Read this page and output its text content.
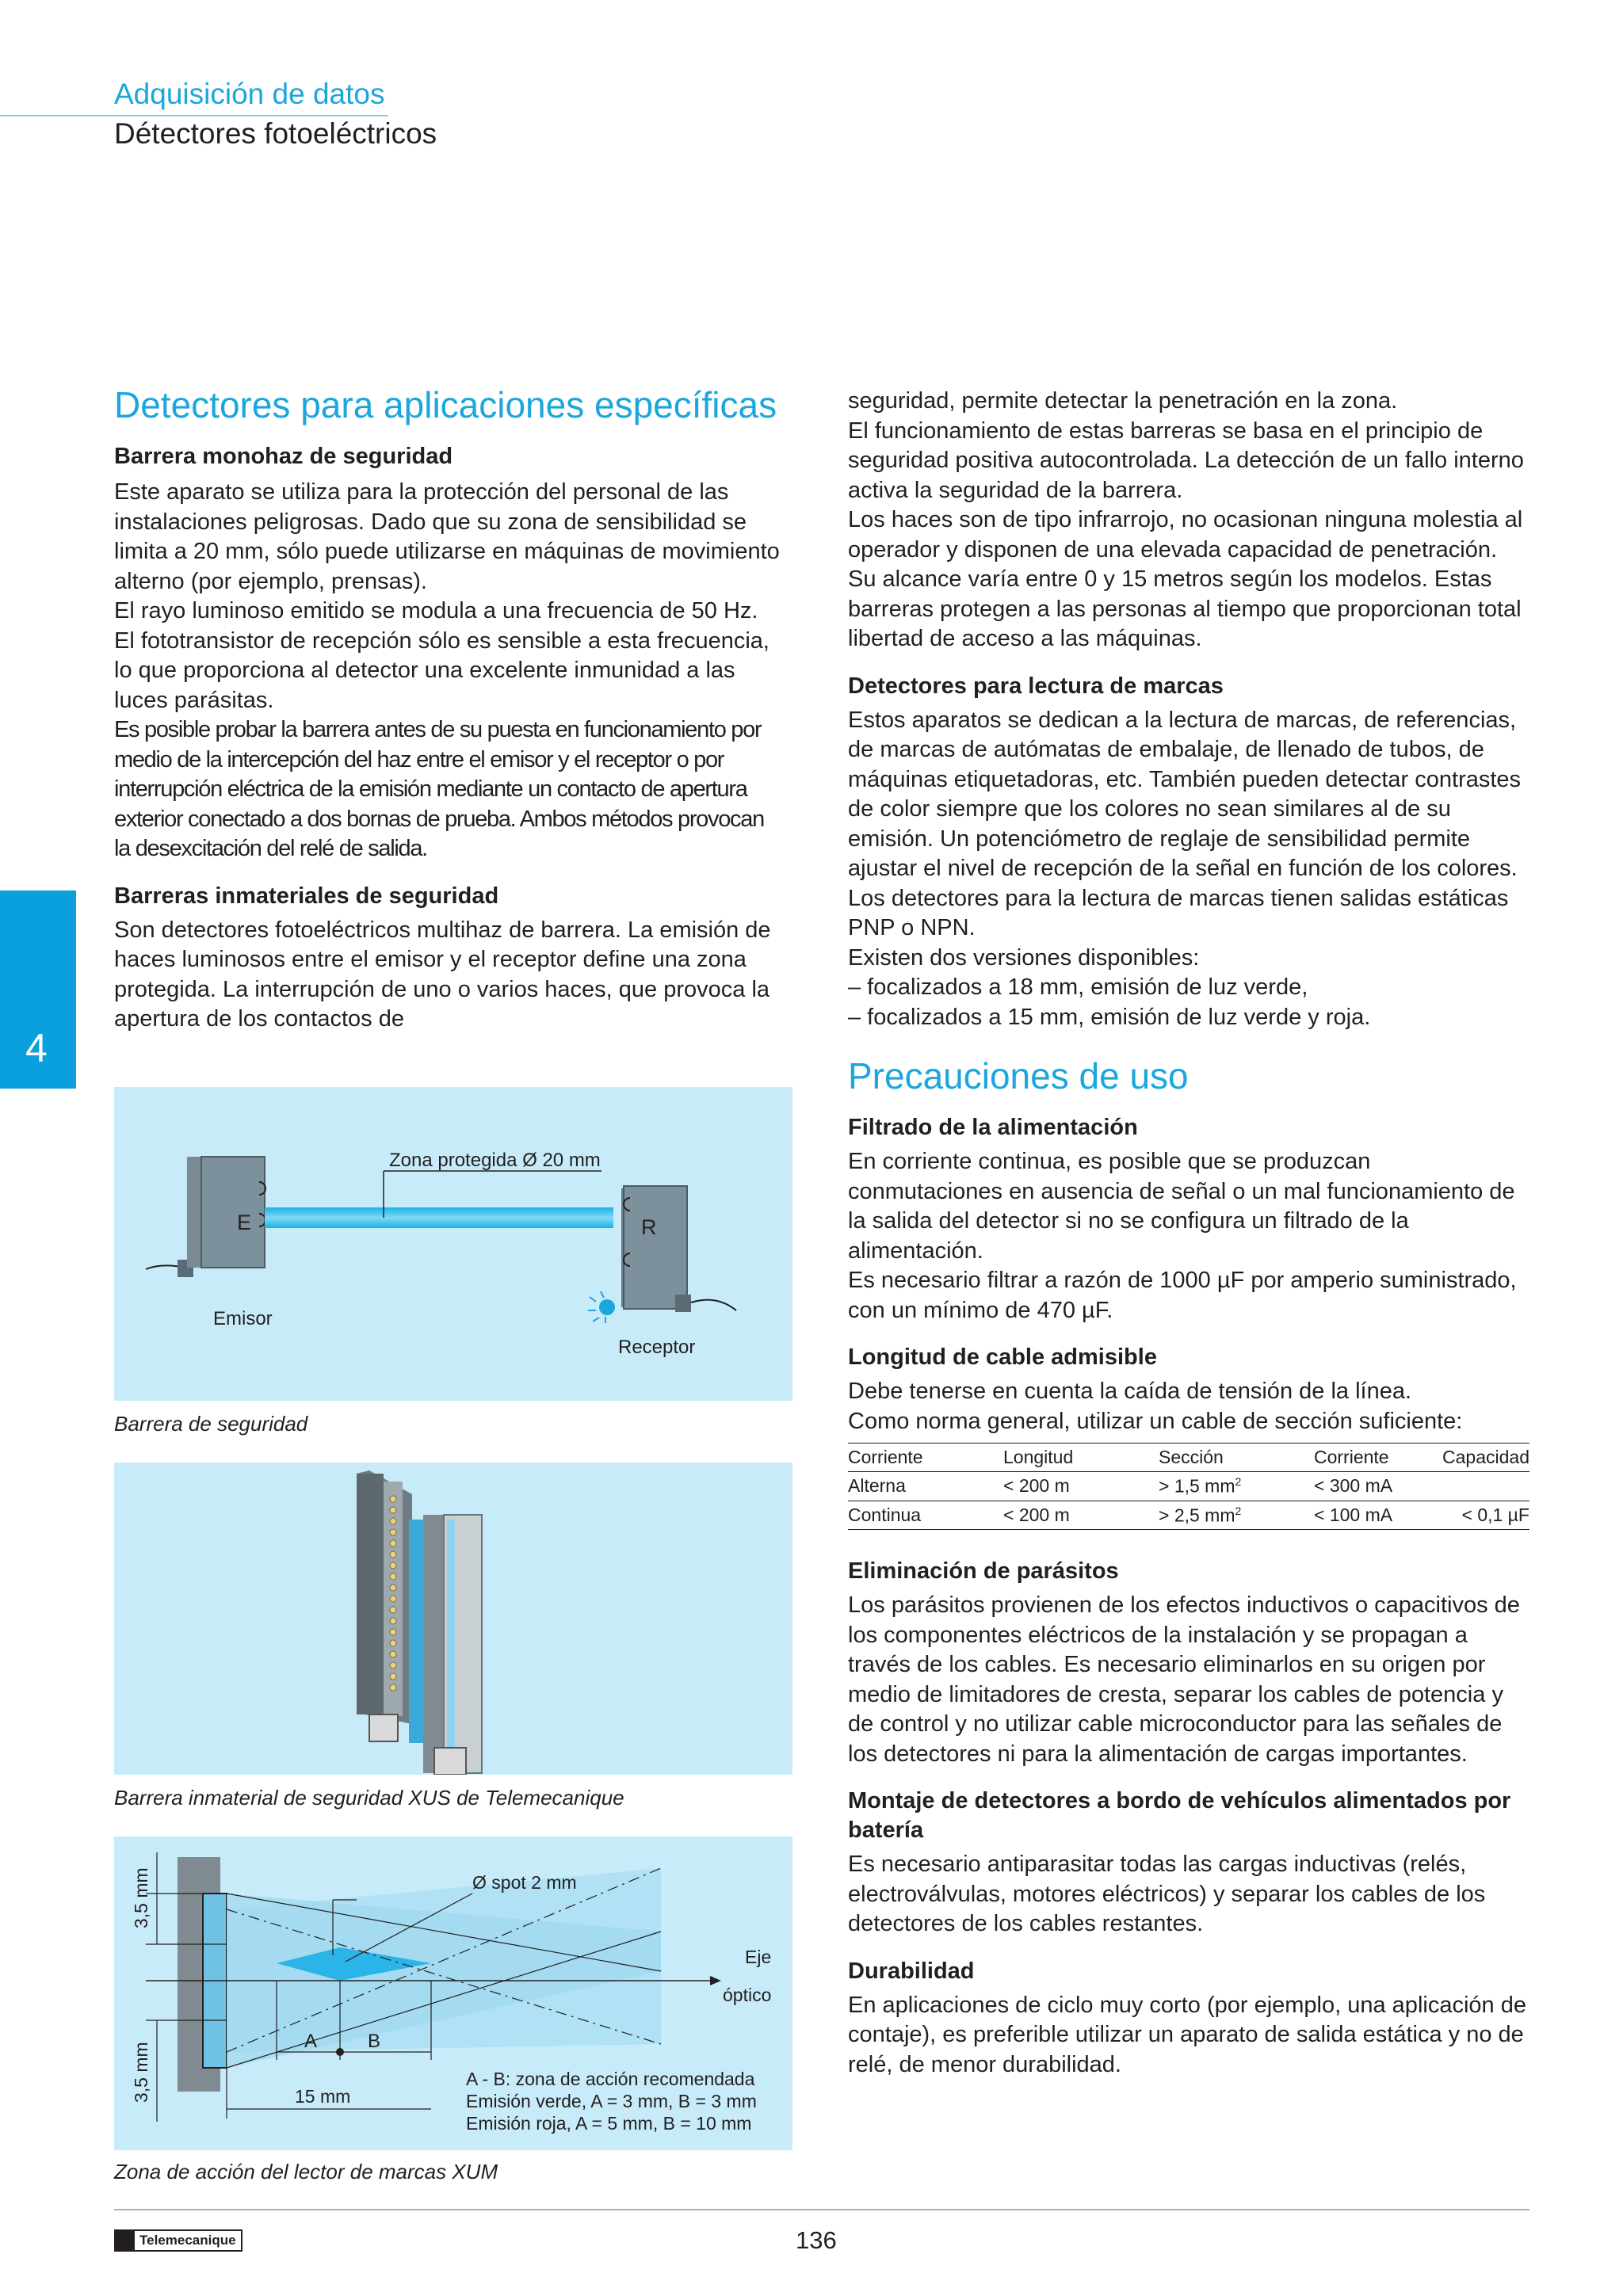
Adquisición de datos
Détectores fotoeléctricos
4
Detectores para aplicaciones específicas
Barrera monohaz de seguridad

Este aparato se utiliza para la protección del personal de las instalaciones peligrosas. Dado que su zona de sensibilidad se limita a 20 mm, sólo puede utilizarse en máquinas de movimiento alterno (por ejemplo, prensas).

El rayo luminoso emitido se modula a una frecuencia de 50 Hz. El fototransistor de recepción sólo es sensible a esta frecuencia, lo que proporciona al detector una excelente inmunidad a las luces parásitas.

Es posible probar la barrera antes de su puesta en funcionamiento por medio de la intercepción del haz entre el emisor y el receptor o por interrupción eléctrica de la emisión mediante un contacto de apertura exterior conectado a dos bornas de prueba. Ambos métodos provocan la desexcitación del relé de salida.

Barreras inmateriales de seguridad

Son detectores fotoeléctricos multihaz de barrera. La emisión de haces luminosos entre el emisor y el receptor define una zona protegida. La interrupción de uno o varios haces, que provoca la apertura de los contactos de

E	R
Zona protegida Ø 20 mm
Emisor
Receptor
Barrera de seguridad
Barrera inmaterial de seguridad XUS de Telemecanique
3,5 mm
3,5 mm
Ø spot 2 mm
Eje
óptico
A	B
15 mm
A - B: zona de acción recomendada
Emisión verde, A = 3 mm, B = 3 mm
Emisión roja, A = 5 mm, B = 10 mm
Zona de acción del lector de marcas XUM

seguridad, permite detectar la penetración en la zona.

El funcionamiento de estas barreras se basa en el principio de seguridad positiva autocontrolada. La detección de un fallo interno activa la seguridad de la barrera.

Los haces son de tipo infrarrojo, no ocasionan ninguna molestia al operador y disponen de una elevada capacidad de penetración. Su alcance varía entre 0 y 15 metros según los modelos. Estas barreras protegen a las personas al tiempo que proporcionan total libertad de acceso a las máquinas.

Detectores para lectura de marcas

Estos aparatos se dedican a la lectura de marcas, de referencias, de marcas de autómatas de embalaje, de llenado de tubos, de máquinas etiquetadoras, etc. También pueden detectar contrastes de color siempre que los colores no sean similares al de su emisión. Un potenciómetro de reglaje de sensibilidad permite ajustar el nivel de recepción de la señal en función de los colores. Los detectores para la lectura de marcas tienen salidas estáticas PNP o NPN.

Existen dos versiones disponibles:

– focalizados a 18 mm, emisión de luz verde,

– focalizados a 15 mm, emisión de luz verde y roja.

Precauciones de uso
Filtrado de la alimentación

En corriente continua, es posible que se produzcan conmutaciones en ausencia de señal o un mal funcionamiento de la salida del detector si no se configura un filtrado de la alimentación.

Es necesario filtrar a razón de 1000 µF por amperio suministrado, con un mínimo de 470 µF.

Longitud de cable admisible

Debe tenerse en cuenta la caída de tensión de la línea.

Como norma general, utilizar un cable de sección suficiente:

Corriente	Longitud	Sección	Corriente	Capacidad
Alterna	< 200 m	> 1,5 $mm^2$	< 300 mA	
Continua	< 200 m	> 2,5 $mm^2$	< 100 mA	< 0,1 µF
Eliminación de parásitos

Los parásitos provienen de los efectos inductivos o capacitivos de los componentes eléctricos de la instalación y se propagan a través de los cables. Es necesario eliminarlos en su origen por medio de limitadores de cresta, separar los cables de potencia y de control y no utilizar cable microconductor para las señales de los detectores ni para la alimentación de cargas importantes.

Montaje de detectores a bordo de vehículos alimentados por batería

Es necesario antiparasitar todas las cargas inductivas (relés, electroválvulas, motores eléctricos) y separar los cables de los detectores de los cables restantes.

Durabilidad

En aplicaciones de ciclo muy corto (por ejemplo, una aplicación de contaje), es preferible utilizar un aparato de salida estática y no de relé, de menor durabilidad.

Telemecanique	136
